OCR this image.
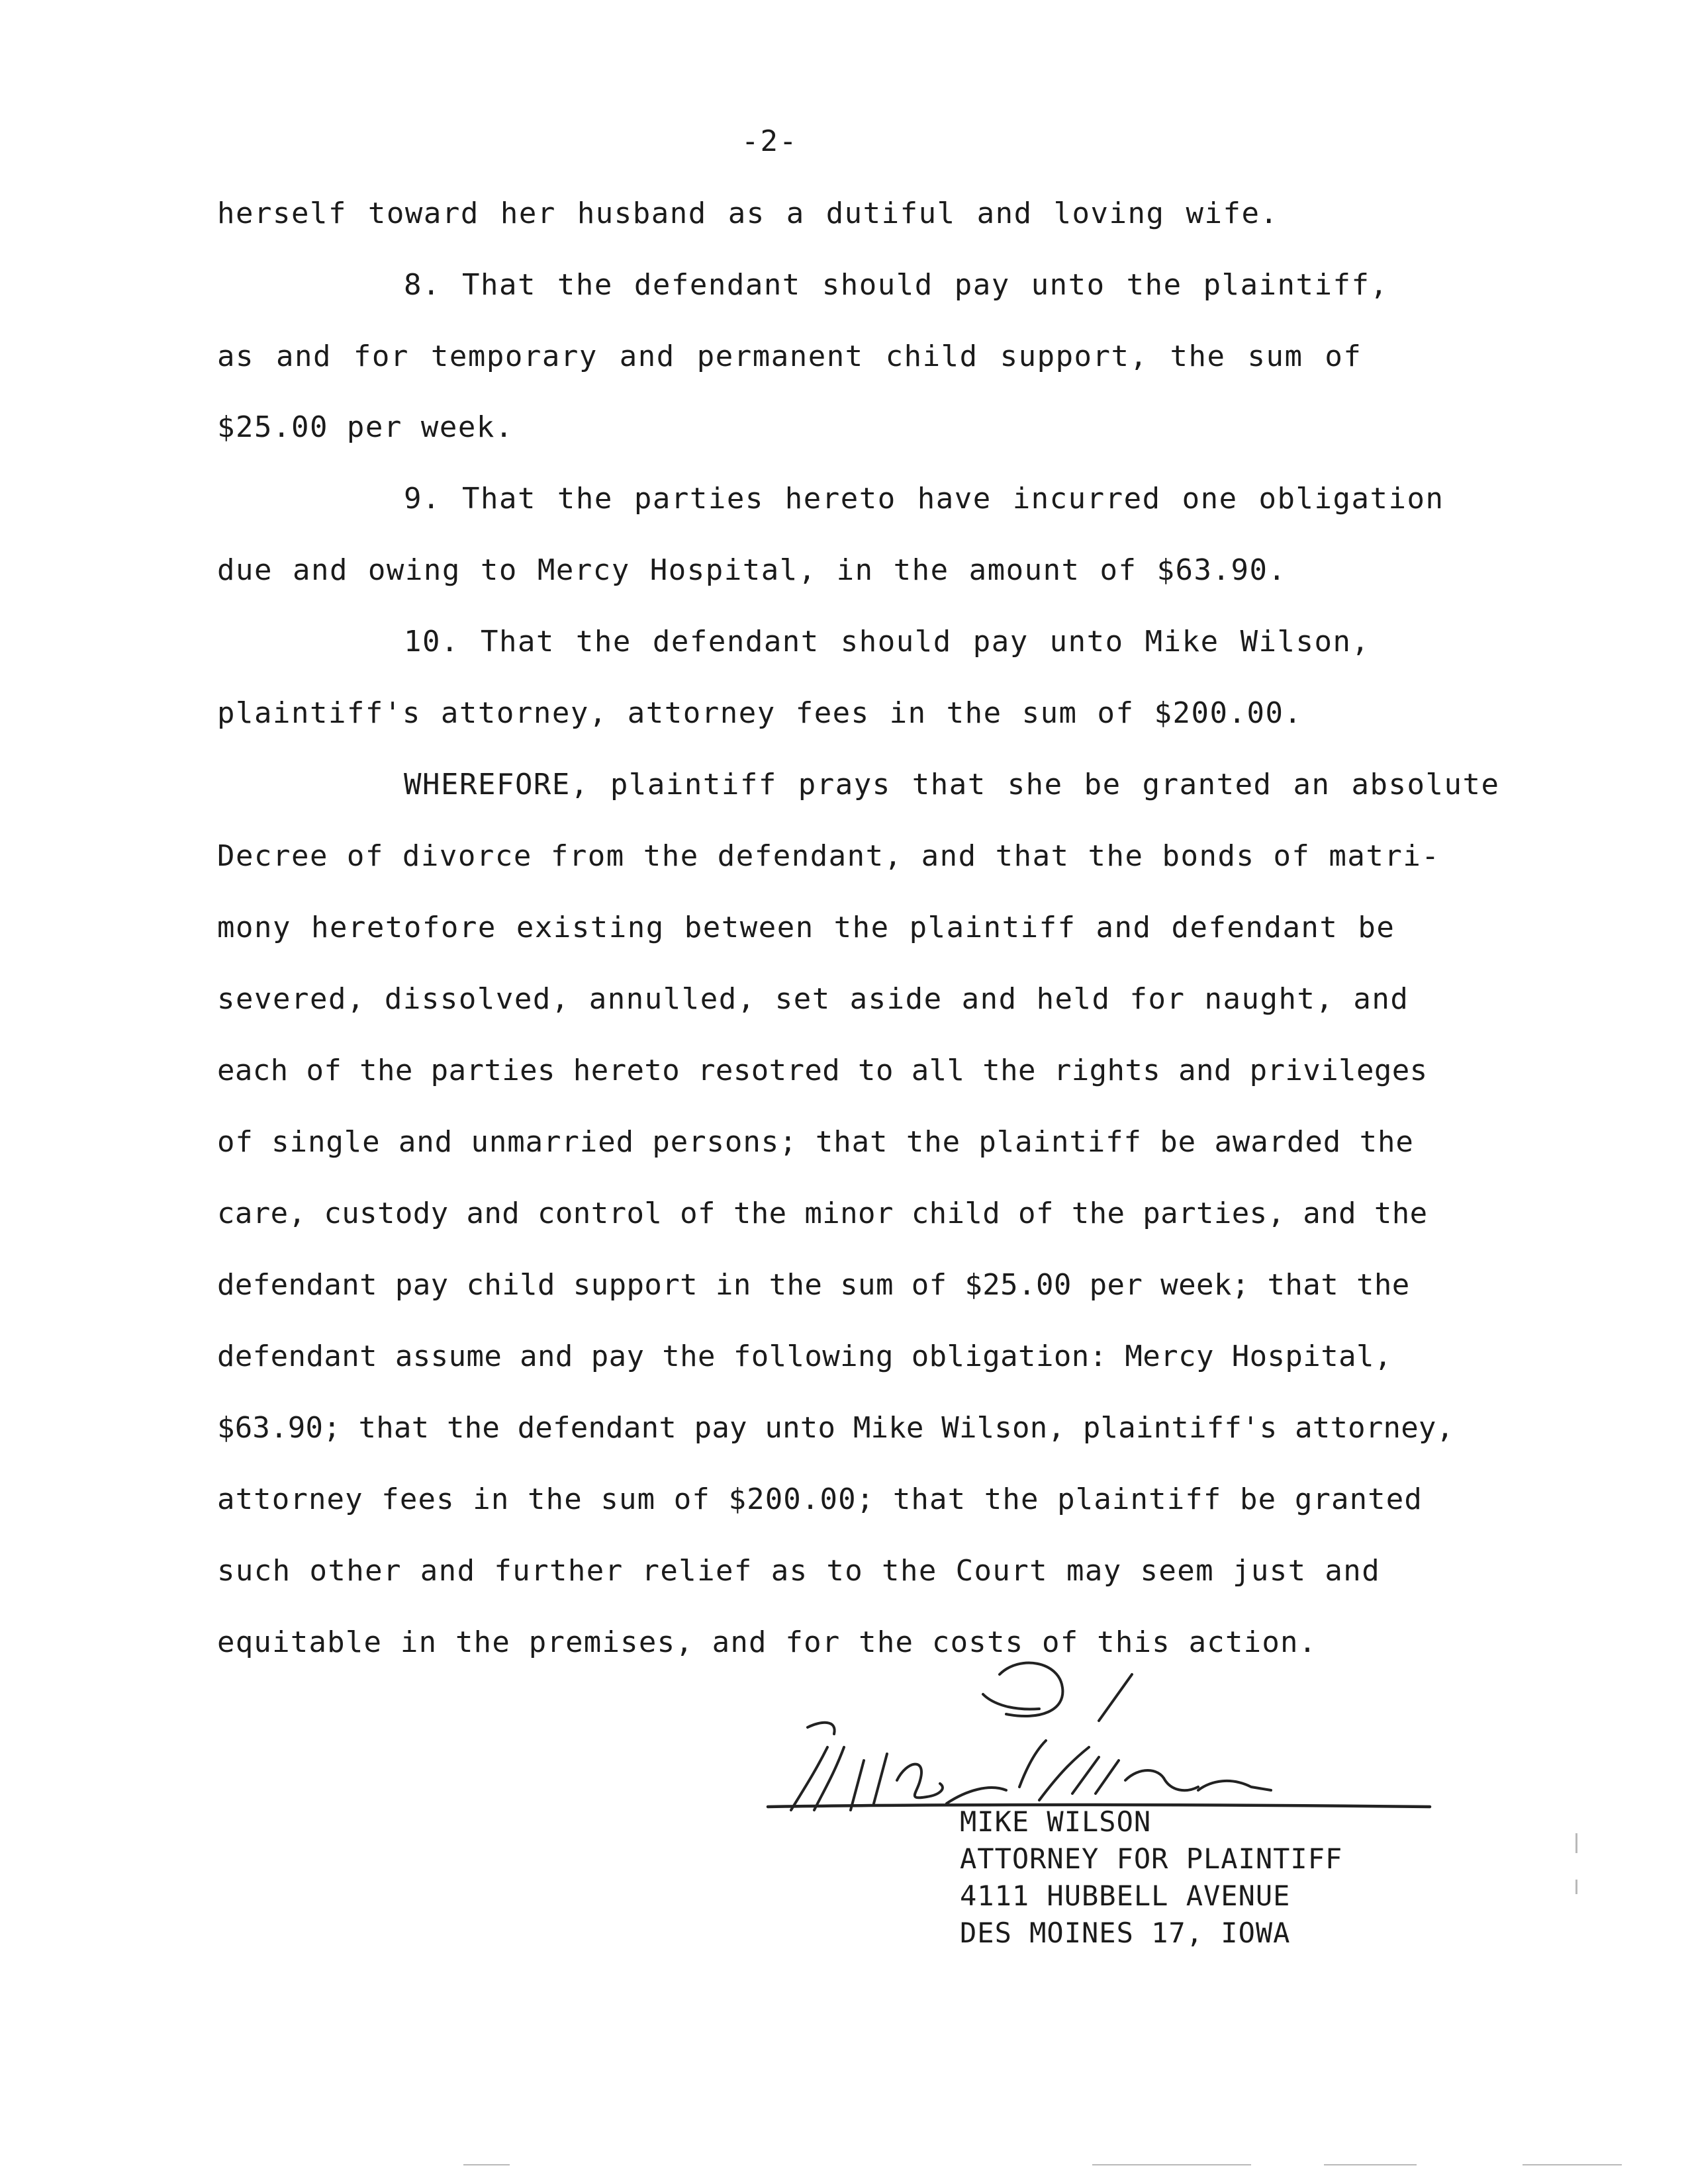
-2-
herself toward her husband as a dutiful and loving wife.
8. That the defendant should pay unto the plaintiff,
as and for temporary and permanent child support, the sum of
$25.00 per week.
9. That the parties hereto have incurred one obligation
due and owing to Mercy Hospital, in the amount of $63.90.
10. That the defendant should pay unto Mike Wilson,
plaintiff's attorney, attorney fees in the sum of $200.00.
WHEREFORE, plaintiff prays that she be granted an absolute
Decree of divorce from the defendant, and that the bonds of matri-
mony heretofore existing between the plaintiff and defendant be
severed, dissolved, annulled, set aside and held for naught, and
each of the parties hereto resotred to all the rights and privileges
of single and unmarried persons; that the plaintiff be awarded the
care, custody and control of the minor child of the parties, and the
defendant pay child support in the sum of $25.00 per week; that the
defendant assume and pay the following obligation: Mercy Hospital,
$63.90; that the defendant pay unto Mike Wilson, plaintiff's attorney,
attorney fees in the sum of $200.00; that the plaintiff be granted
such other and further relief as to the Court may seem just and
equitable in the premises, and for the costs of this action.
MIKE WILSON
ATTORNEY FOR PLAINTIFF
4111 HUBBELL AVENUE
DES MOINES 17, IOWA
